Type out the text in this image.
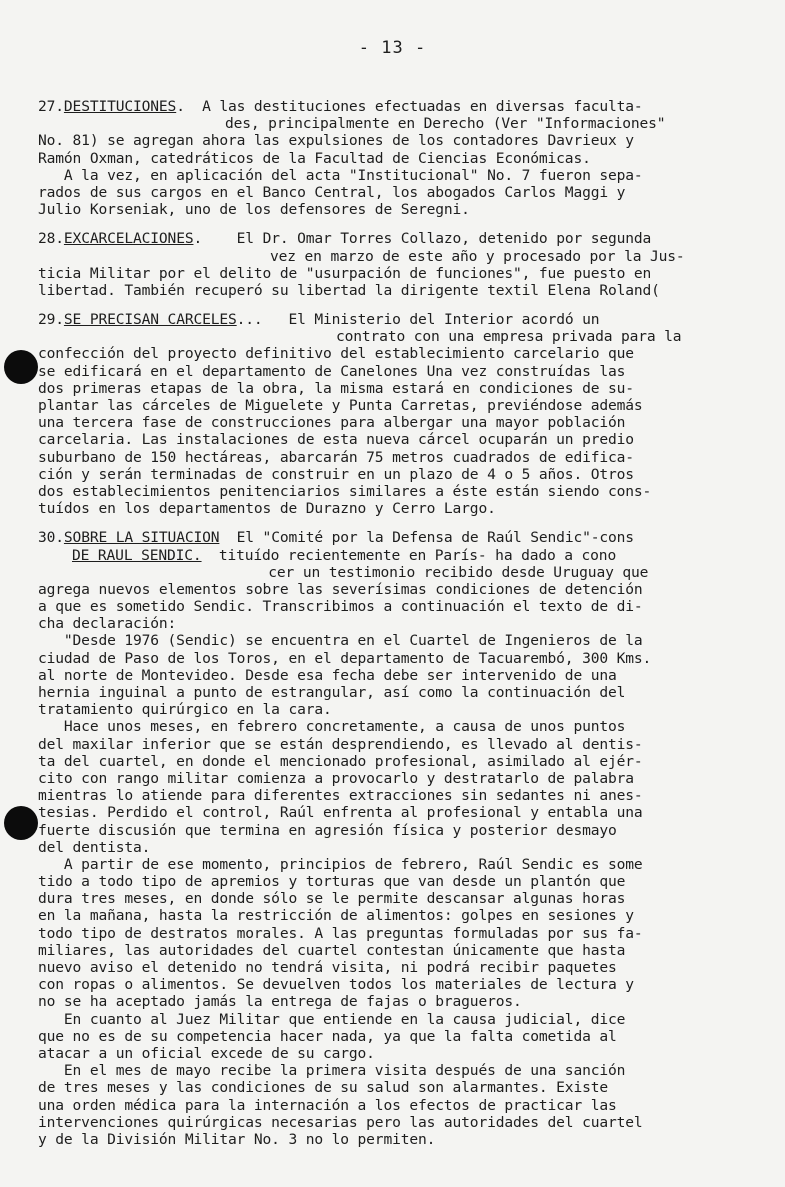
- 13 -
27.DESTITUCIONES.  A las destituciones efectuadas en diversas faculta-
des, principalmente en Derecho (Ver "Informaciones"
No. 81) se agregan ahora las expulsiones de los contadores Davrieux y
Ramón Oxman, catedráticos de la Facultad de Ciencias Económicas.
A la vez, en aplicación del acta "Institucional" No. 7 fueron sepa-
rados de sus cargos en el Banco Central, los abogados Carlos Maggi y
Julio Korseniak, uno de los defensores de Seregni.
28.EXCARCELACIONES.    El Dr. Omar Torres Collazo, detenido por segunda
vez en marzo de este año y procesado por la Jus-
ticia Militar por el delito de "usurpación de funciones", fue puesto en
libertad. También recuperó su libertad la dirigente textil Elena Roland(
29.SE PRECISAN CARCELES...   El Ministerio del Interior acordó un
contrato con una empresa privada para la
confección del proyecto definitivo del establecimiento carcelario que
se edificará en el departamento de Canelones Una vez construídas las
dos primeras etapas de la obra, la misma estará en condiciones de su-
plantar las cárceles de Miguelete y Punta Carretas, previéndose además
una tercera fase de construcciones para albergar una mayor población
carcelaria. Las instalaciones de esta nueva cárcel ocuparán un predio
suburbano de 150 hectáreas, abarcarán 75 metros cuadrados de edifica-
ción y serán terminadas de construir en un plazo de 4 o 5 años. Otros
dos establecimientos penitenciarios similares a éste están siendo cons-
tuídos en los departamentos de Durazno y Cerro Largo.
30.SOBRE LA SITUACION  El "Comité por la Defensa de Raúl Sendic"-cons
DE RAUL SENDIC.  tituído recientemente en París- ha dado a cono
cer un testimonio recibido desde Uruguay que
agrega nuevos elementos sobre las severísimas condiciones de detención
a que es sometido Sendic. Transcribimos a continuación el texto de di-
cha declaración:
"Desde 1976 (Sendic) se encuentra en el Cuartel de Ingenieros de la
ciudad de Paso de los Toros, en el departamento de Tacuarembó, 300 Kms.
al norte de Montevideo. Desde esa fecha debe ser intervenido de una
hernia inguinal a punto de estrangular, así como la continuación del
tratamiento quirúrgico en la cara.
Hace unos meses, en febrero concretamente, a causa de unos puntos
del maxilar inferior que se están desprendiendo, es llevado al dentis-
ta del cuartel, en donde el mencionado profesional, asimilado al ejér-
cito con rango militar comienza a provocarlo y destratarlo de palabra
mientras lo atiende para diferentes extracciones sin sedantes ni anes-
tesias. Perdido el control, Raúl enfrenta al profesional y entabla una
fuerte discusión que termina en agresión física y posterior desmayo
del dentista.
A partir de ese momento, principios de febrero, Raúl Sendic es some
tido a todo tipo de apremios y torturas que van desde un plantón que
dura tres meses, en donde sólo se le permite descansar algunas horas
en la mañana, hasta la restricción de alimentos: golpes en sesiones y
todo tipo de destratos morales. A las preguntas formuladas por sus fa-
miliares, las autoridades del cuartel contestan únicamente que hasta
nuevo aviso el detenido no tendrá visita, ni podrá recibir paquetes
con ropas o alimentos. Se devuelven todos los materiales de lectura y
no se ha aceptado jamás la entrega de fajas o bragueros.
En cuanto al Juez Militar que entiende en la causa judicial, dice
que no es de su competencia hacer nada, ya que la falta cometida al
atacar a un oficial excede de su cargo.
En el mes de mayo recibe la primera visita después de una sanción
de tres meses y las condiciones de su salud son alarmantes. Existe
una orden médica para la internación a los efectos de practicar las
intervenciones quirúrgicas necesarias pero las autoridades del cuartel
y de la División Militar No. 3 no lo permiten.
